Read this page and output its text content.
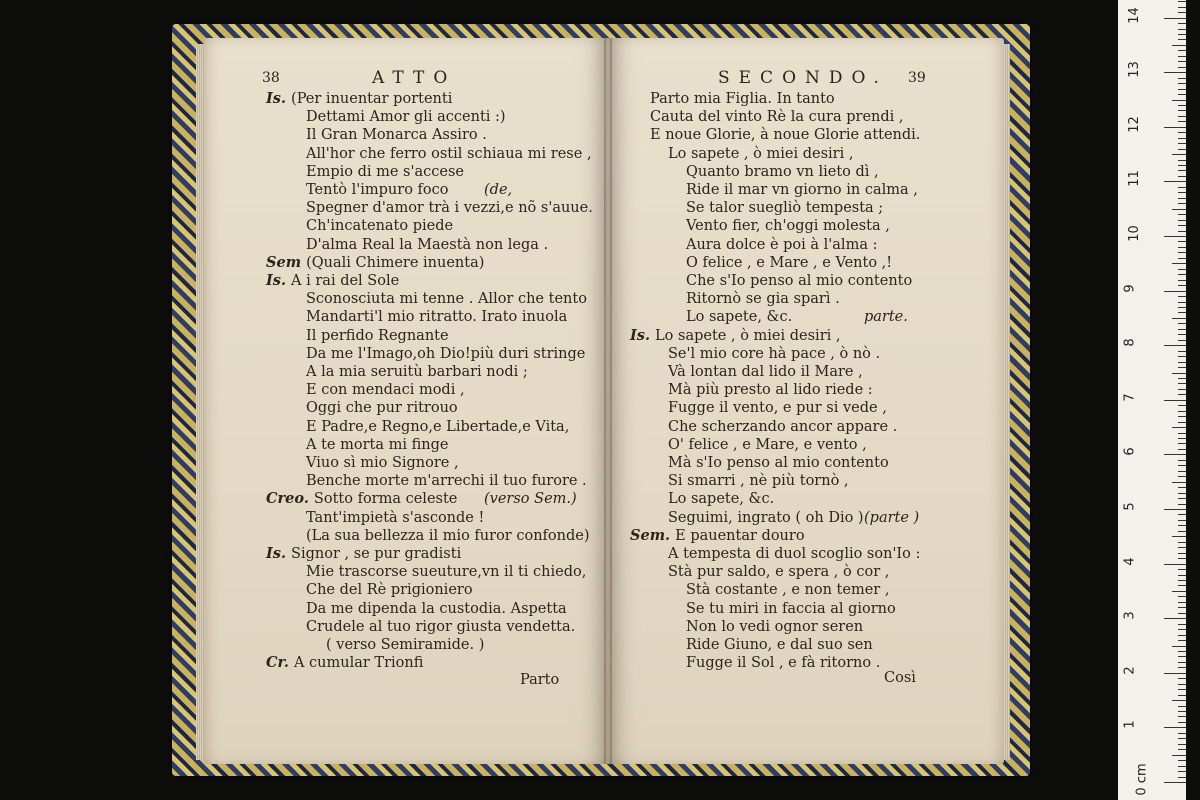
38	ATTO
Is. (Per inuentar portenti
Dettami Amor gli accenti :)
Il Gran Monarca Assiro .
All'hor che ferro ostil schiaua mi rese ,
Empio di me s'accese
Tentò l'impuro foco (de,
Spegner d'amor trà i vezzi,e nõ s'auue.
Ch'incatenato piede
D'alma Real la Maestà non lega .
Sem (Quali Chimere inuenta)
Is. A i rai del Sole
Sconosciuta mi tenne . Allor che tento
Mandarti'l mio ritratto. Irato inuola
Il perfido Regnante
Da me l'Imago,oh Dio!più duri stringe
A la mia seruitù barbari nodi ;
E con mendaci modi ,
Oggi che pur ritrouo
E Padre,e Regno,e Libertade,e Vita,
A te morta mi finge
Viuo sì mio Signore ,
Benche morte m'arrechi il tuo furore .
Creo. Sotto forma celeste (verso Sem.)
Tant'impietà s'asconde !
(La sua bellezza il mio furor confonde)
Is. Signor , se pur gradisti
Mie trascorse sueuture,vn il ti chiedo,
Che del Rè prigioniero
Da me dipenda la custodia. Aspetta
Crudele al tuo rigor giusta vendetta.
( verso Semiramide. )
Cr. A cumular Trionfi
Parto
SECONDO. 39
Parto mia Figlia. In tanto
Cauta del vinto Rè la cura prendi ,
E noue Glorie, à noue Glorie attendi.
Lo sapete , ò miei desiri ,
Quanto bramo vn lieto dì ,
Ride il mar vn giorno in calma ,
Se talor suegliò tempesta ;
Vento fier, ch'oggi molesta ,
Aura dolce è poi à l'alma :
O felice , e Mare , e Vento ,!
Che s'Io penso al mio contento
Ritornò se gia sparì .
Lo sapete, &c.	parte.
Is. Lo sapete , ò miei desiri ,
Se'l mio core hà pace , ò nò .
Và lontan dal lido il Mare ,
Mà più presto al lido riede :
Fugge il vento, e pur si vede ,
Che scherzando ancor appare .
O' felice , e Mare, e vento ,
Mà s'Io penso al mio contento
Si smarri , nè più tornò ,
Lo sapete, &c.
Seguimi, ingrato ( oh Dio ) (parte )
Sem. E pauentar douro
A tempesta di duol scoglio son'Io :
Stà pur saldo, e spera , ò cor ,
Stà costante , e non temer ,
Se tu miri in faccia al giorno
Non lo vedi ognor seren
Ride Giuno, e dal suo sen
Fugge il Sol , e fà ritorno .
Così
0 cm
1
2
3
4
5
6
7
8
9
10
11
12
13
14
